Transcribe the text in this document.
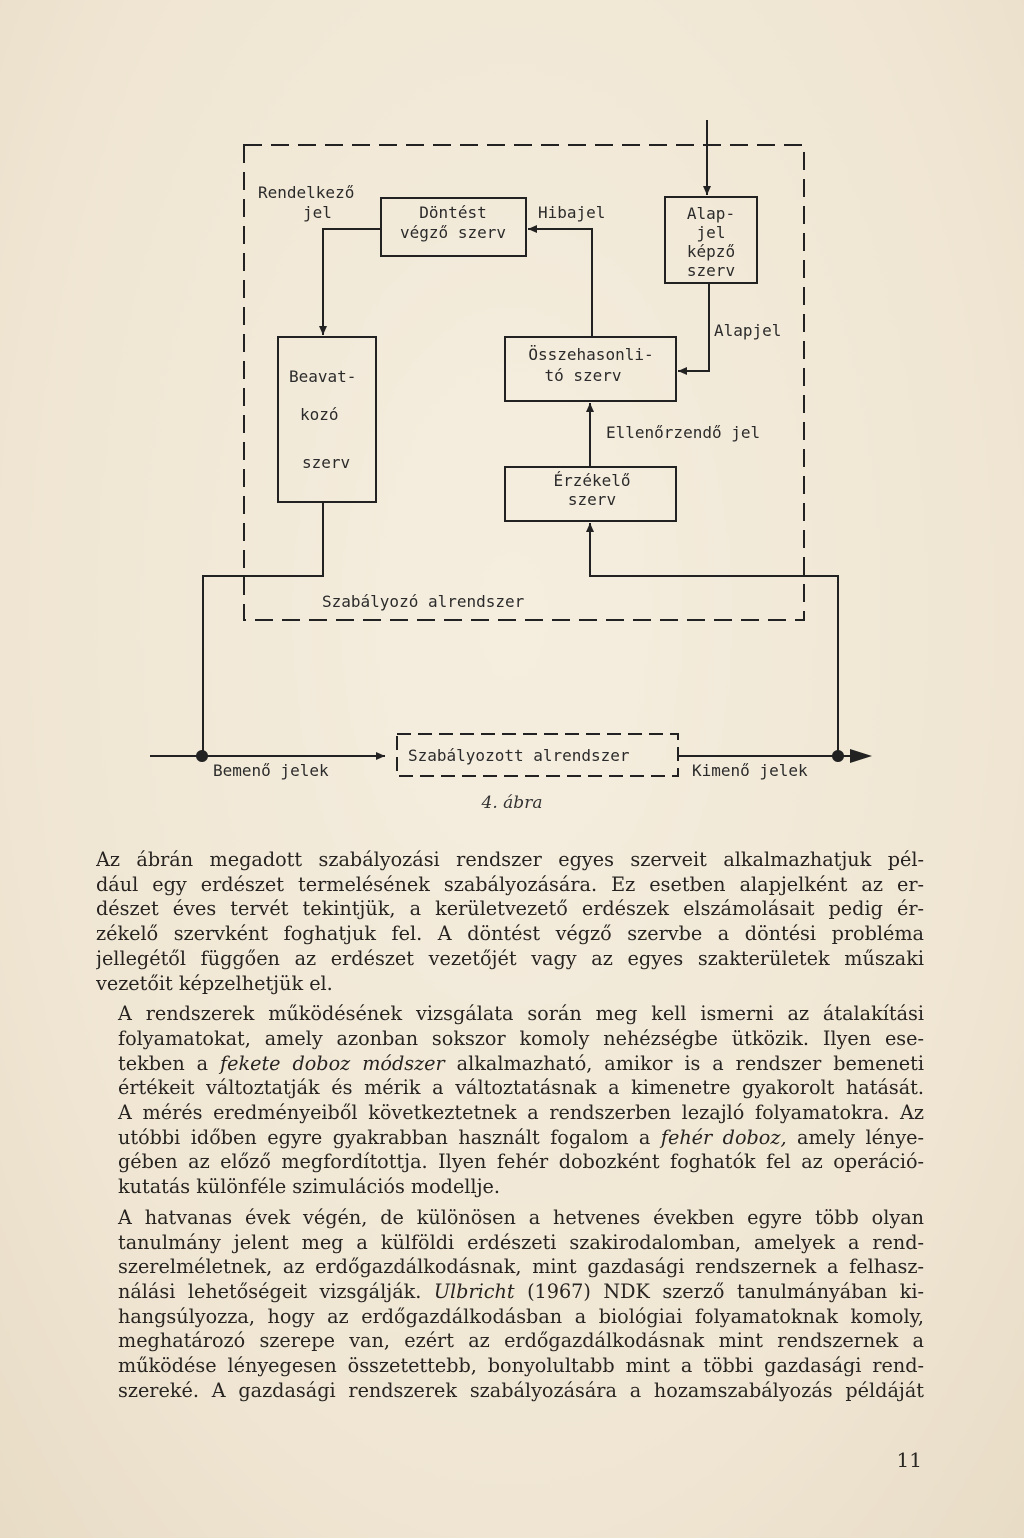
Rendelkező
jel	Döntést
végző szerv
Hibajel	Alap-
jel
képző
szerv
Alapjel
Beavat-
kozó
szerv
Összehasonli-
tó szerv
Ellenőrzendő jel
Érzékelő
szerv
Szabályozó alrendszer
Szabályozott alrendszer
Bemenő jelek	Kimenő jelek
4. ábra

Az ábrán megadott szabályozási rendszer egyes szerveit alkalmazhatjuk pél-
dául egy erdészet termelésének szabályozására. Ez esetben alapjelként az er-
dészet éves tervét tekintjük, a kerületvezető erdészek elszámolásait pedig ér-
zékelő szervként foghatjuk fel. A döntést végző szervbe a döntési probléma
jellegétől függően az erdészet vezetőjét vagy az egyes szakterületek műszaki
vezetőit képzelhetjük el.

A rendszerek működésének vizsgálata során meg kell ismerni az átalakítási
folyamatokat, amely azonban sokszor komoly nehézségbe ütközik. Ilyen ese-
tekben a fekete doboz módszer alkalmazható, amikor is a rendszer bemeneti
értékeit változtatják és mérik a változtatásnak a kimenetre gyakorolt hatását.
A mérés eredményeiből következtetnek a rendszerben lezajló folyamatokra. Az
utóbbi időben egyre gyakrabban használt fogalom a fehér doboz, amely lénye-
gében az előző megfordítottja. Ilyen fehér dobozként foghatók fel az operáció-
kutatás különféle szimulációs modellje.

A hatvanas évek végén, de különösen a hetvenes években egyre több olyan
tanulmány jelent meg a külföldi erdészeti szakirodalomban, amelyek a rend-
szerelméletnek, az erdőgazdálkodásnak, mint gazdasági rendszernek a felhasz-
nálási lehetőségeit vizsgálják. Ulbricht (1967) NDK szerző tanulmányában ki-
hangsúlyozza, hogy az erdőgazdálkodásban a biológiai folyamatoknak komoly,
meghatározó szerepe van, ezért az erdőgazdálkodásnak mint rendszernek a
működése lényegesen összetettebb, bonyolultabb mint a többi gazdasági rend-
szereké. A gazdasági rendszerek szabályozására a hozamszabályozás példáját

11
